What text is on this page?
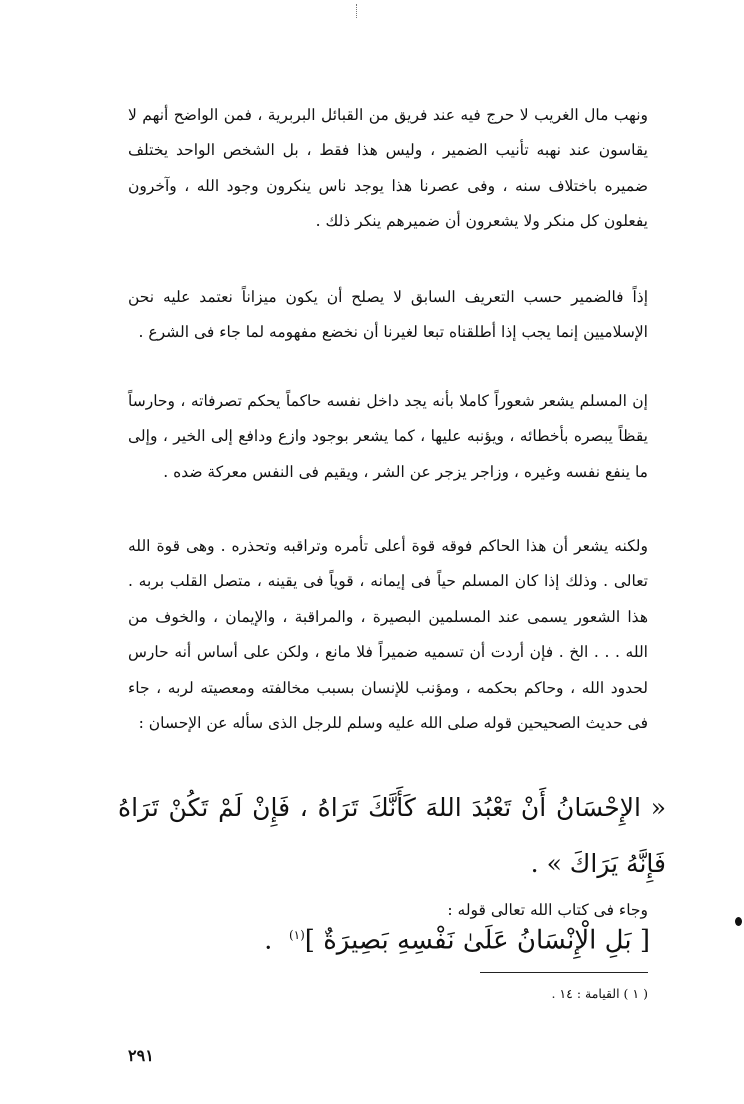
ونهب مال الغريب لا حرج فيه عند فريق من القبائل البربرية ، فمن الواضح أنهم لا يقاسون عند نهبه تأنيب الضمير ، وليس هذا فقط ، بل الشخص الواحد يختلف ضميره باختلاف سنه ، وفى عصرنا هذا يوجد ناس ينكرون وجود الله ، وآخرون يفعلون كل منكر ولا يشعرون أن ضميرهم ينكر ذلك .

إذاً فالضمير حسب التعريف السابق لا يصلح أن يكون ميزاناً نعتمد عليه نحن الإسلاميين إنما يجب إذا أطلقناه تبعا لغيرنا أن نخضع مفهومه لما جاء فى الشرع .

إن المسلم يشعر شعوراً كاملا بأنه يجد داخل نفسه حاكماً يحكم تصرفاته ، وحارساً يقظاً يبصره بأخطائه ، ويؤنبه عليها ، كما يشعر بوجود وازع ودافع إلى الخير ، وإلى ما ينفع نفسه وغيره ، وزاجر يزجر عن الشر ، ويقيم فى النفس معركة ضده .

ولكنه يشعر أن هذا الحاكم فوقه قوة أعلى تأمره وتراقبه وتحذره . وهى قوة الله تعالى . وذلك إذا كان المسلم حياً فى إيمانه ، قوياً فى يقينه ، متصل القلب بربه . هذا الشعور يسمى عند المسلمين البصيرة ، والمراقبة ، والإيمان ، والخوف من الله . . . الخ . فإن أردت أن تسميه ضميراً فلا مانع ، ولكن على أساس أنه حارس لحدود الله ، وحاكم بحكمه ، ومؤنب للإنسان بسبب مخالفته ومعصيته لربه ، جاء فى حديث الصحيحين قوله صلى الله عليه وسلم للرجل الذى سأله عن الإحسان :

« الإِحْسَانُ أَنْ تَعْبُدَ اللهَ كَأَنَّكَ تَرَاهُ ، فَإِنْ لَمْ تَكُنْ تَرَاهُ فَإِنَّهُ يَرَاكَ » .

وجاء فى كتاب الله تعالى قوله :

[ بَلِ الْإِنْسَانُ عَلَىٰ نَفْسِهِ بَصِيرَةٌ ]$^{(١)}$  .
( ١ ) القيامة : ١٤ .
٢٩١
